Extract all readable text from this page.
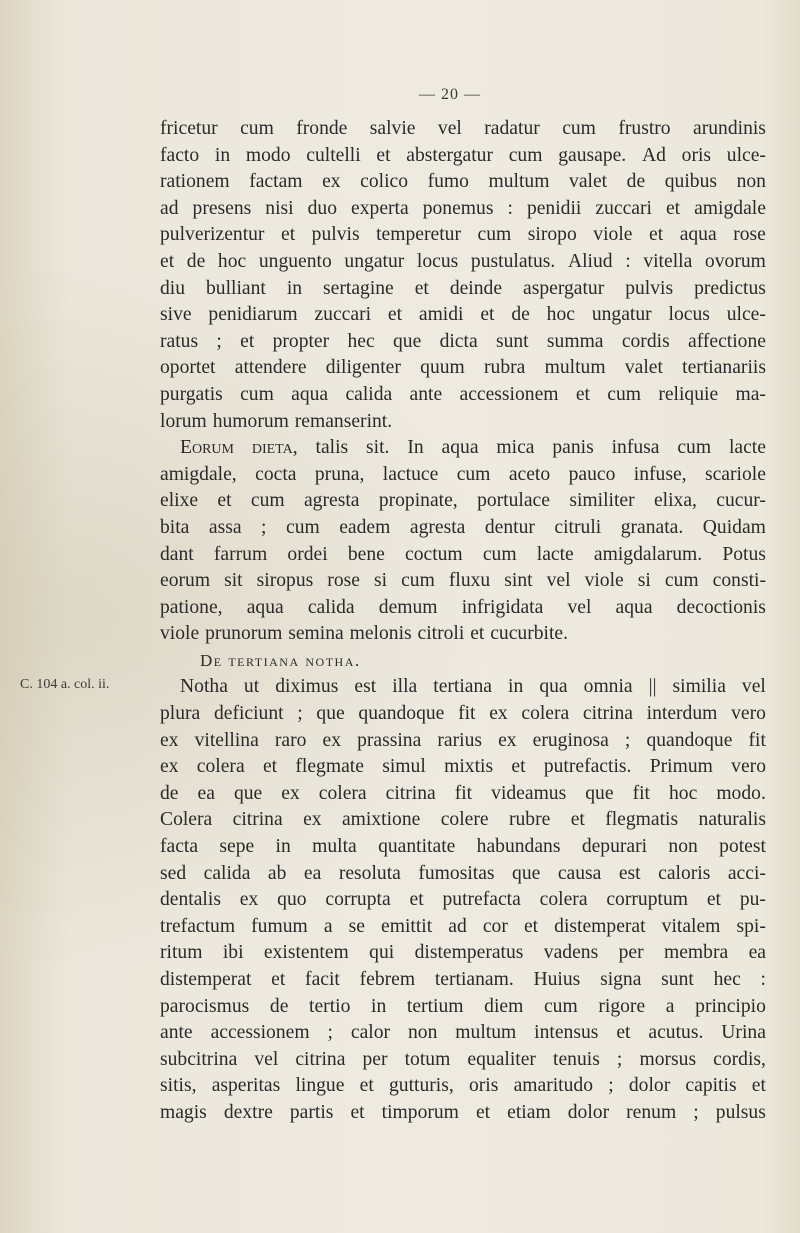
— 20 —
C. 104 a. col. ii.
fricetur cum fronde salvie vel radatur cum frustro arundinis
facto in modo cultelli et abstergatur cum gausape. Ad oris ulce-
rationem factam ex colico fumo multum valet de quibus non
ad presens nisi duo experta ponemus : penidii zuccari et amigdale
pulverizentur et pulvis temperetur cum siropo viole et aqua rose
et de hoc unguento ungatur locus pustulatus. Aliud : vitella ovorum
diu bulliant in sertagine et deinde aspergatur pulvis predictus
sive penidiarum zuccari et amidi et de hoc ungatur locus ulce-
ratus ; et propter hec que dicta sunt summa cordis affectione
oportet attendere diligenter quum rubra multum valet tertianariis
purgatis cum aqua calida ante accessionem et cum reliquie ma-
lorum humorum remanserint.
Eorum dieta, talis sit. In aqua mica panis infusa cum lacte
amigdale, cocta pruna, lactuce cum aceto pauco infuse, scariole
elixe et cum agresta propinate, portulace similiter elixa, cucur-
bita assa ; cum eadem agresta dentur citruli granata. Quidam
dant farrum ordei bene coctum cum lacte amigdalarum. Potus
eorum sit siropus rose si cum fluxu sint vel viole si cum consti-
patione, aqua calida demum infrigidata vel aqua decoctionis
viole prunorum semina melonis citroli et cucurbite.
De tertiana notha.
Notha ut diximus est illa tertiana in qua omnia || similia vel
plura deficiunt ; que quandoque fit ex colera citrina interdum vero
ex vitellina raro ex prassina rarius ex eruginosa ; quandoque fit
ex colera et flegmate simul mixtis et putrefactis. Primum vero
de ea que ex colera citrina fit videamus que fit hoc modo.
Colera citrina ex amixtione colere rubre et flegmatis naturalis
facta sepe in multa quantitate habundans depurari non potest
sed calida ab ea resoluta fumositas que causa est caloris acci-
dentalis ex quo corrupta et putrefacta colera corruptum et pu-
trefactum fumum a se emittit ad cor et distemperat vitalem spi-
ritum ibi existentem qui distemperatus vadens per membra ea
distemperat et facit febrem tertianam. Huius signa sunt hec :
parocismus de tertio in tertium diem cum rigore a principio
ante accessionem ; calor non multum intensus et acutus. Urina
subcitrina vel citrina per totum equaliter tenuis ; morsus cordis,
sitis, asperitas lingue et gutturis, oris amaritudo ; dolor capitis et
magis dextre partis et timporum et etiam dolor renum ; pulsus
